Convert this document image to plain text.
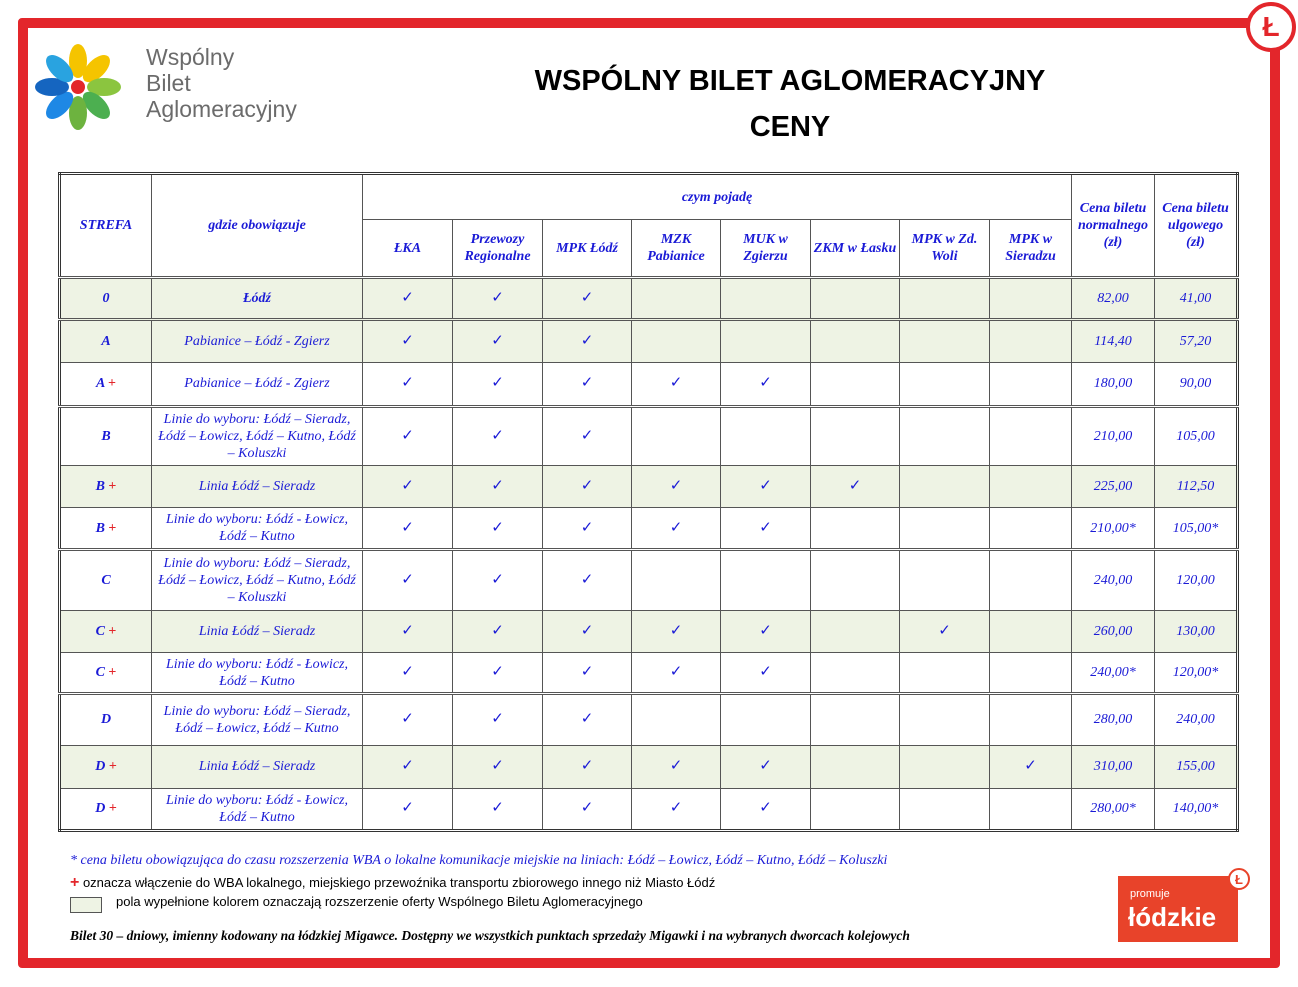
Ł
Wspólny
Bilet
Aglomeracyjny
WSPÓLNY BILET AGLOMERACYJNY
CENY
STREFA	gdzie obowiązuje	czym pojadę								Cena biletu normalnego (zł)	Cena biletu ulgowego (zł)
		ŁKA	Przewozy Regionalne	MPK Łódź	MZK Pabianice	MUK w Zgierzu	ZKM w Łasku	MPK w Zd. Woli	MPK w Sieradzu		
0	Łódź	✓	✓	✓						82,00	41,00
A	Pabianice – Łódź - Zgierz	✓	✓	✓						114,40	57,20
A +	Pabianice – Łódź - Zgierz	✓	✓	✓	✓	✓				180,00	90,00
B	Linie do wyboru: Łódź – Sieradz, Łódź – Łowicz, Łódź – Kutno, Łódź – Koluszki	✓	✓	✓						210,00	105,00
B +	Linia Łódź – Sieradz	✓	✓	✓	✓	✓	✓			225,00	112,50
B +	Linie do wyboru: Łódź - Łowicz, Łódź – Kutno	✓	✓	✓	✓	✓				210,00*	105,00*
C	Linie do wyboru: Łódź – Sieradz, Łódź – Łowicz, Łódź – Kutno, Łódź – Koluszki	✓	✓	✓						240,00	120,00
C +	Linia Łódź – Sieradz	✓	✓	✓	✓	✓		✓		260,00	130,00
C +	Linie do wyboru: Łódź - Łowicz, Łódź – Kutno	✓	✓	✓	✓	✓				240,00*	120,00*
D	Linie do wyboru: Łódź – Sieradz, Łódź – Łowicz, Łódź – Kutno	✓	✓	✓						280,00	240,00
D +	Linia Łódź – Sieradz	✓	✓	✓	✓	✓			✓	310,00	155,00
D +	Linie do wyboru: Łódź - Łowicz, Łódź – Kutno	✓	✓	✓	✓	✓				280,00*	140,00*
* cena biletu obowiązująca do czasu rozszerzenia WBA o lokalne komunikacje miejskie na liniach: Łódź – Łowicz, Łódź – Kutno, Łódź – Koluszki
+ oznacza włączenie do WBA lokalnego, miejskiego przewoźnika transportu zbiorowego innego niż Miasto Łódź
pola wypełnione kolorem oznaczają rozszerzenie oferty Wspólnego Biletu Aglomeracyjnego
Bilet 30 – dniowy, imienny kodowany na łódzkiej Migawce. Dostępny we wszystkich punktach sprzedaży Migawki i na wybranych dworcach kolejowych
promuje
łódzkie
Ł
